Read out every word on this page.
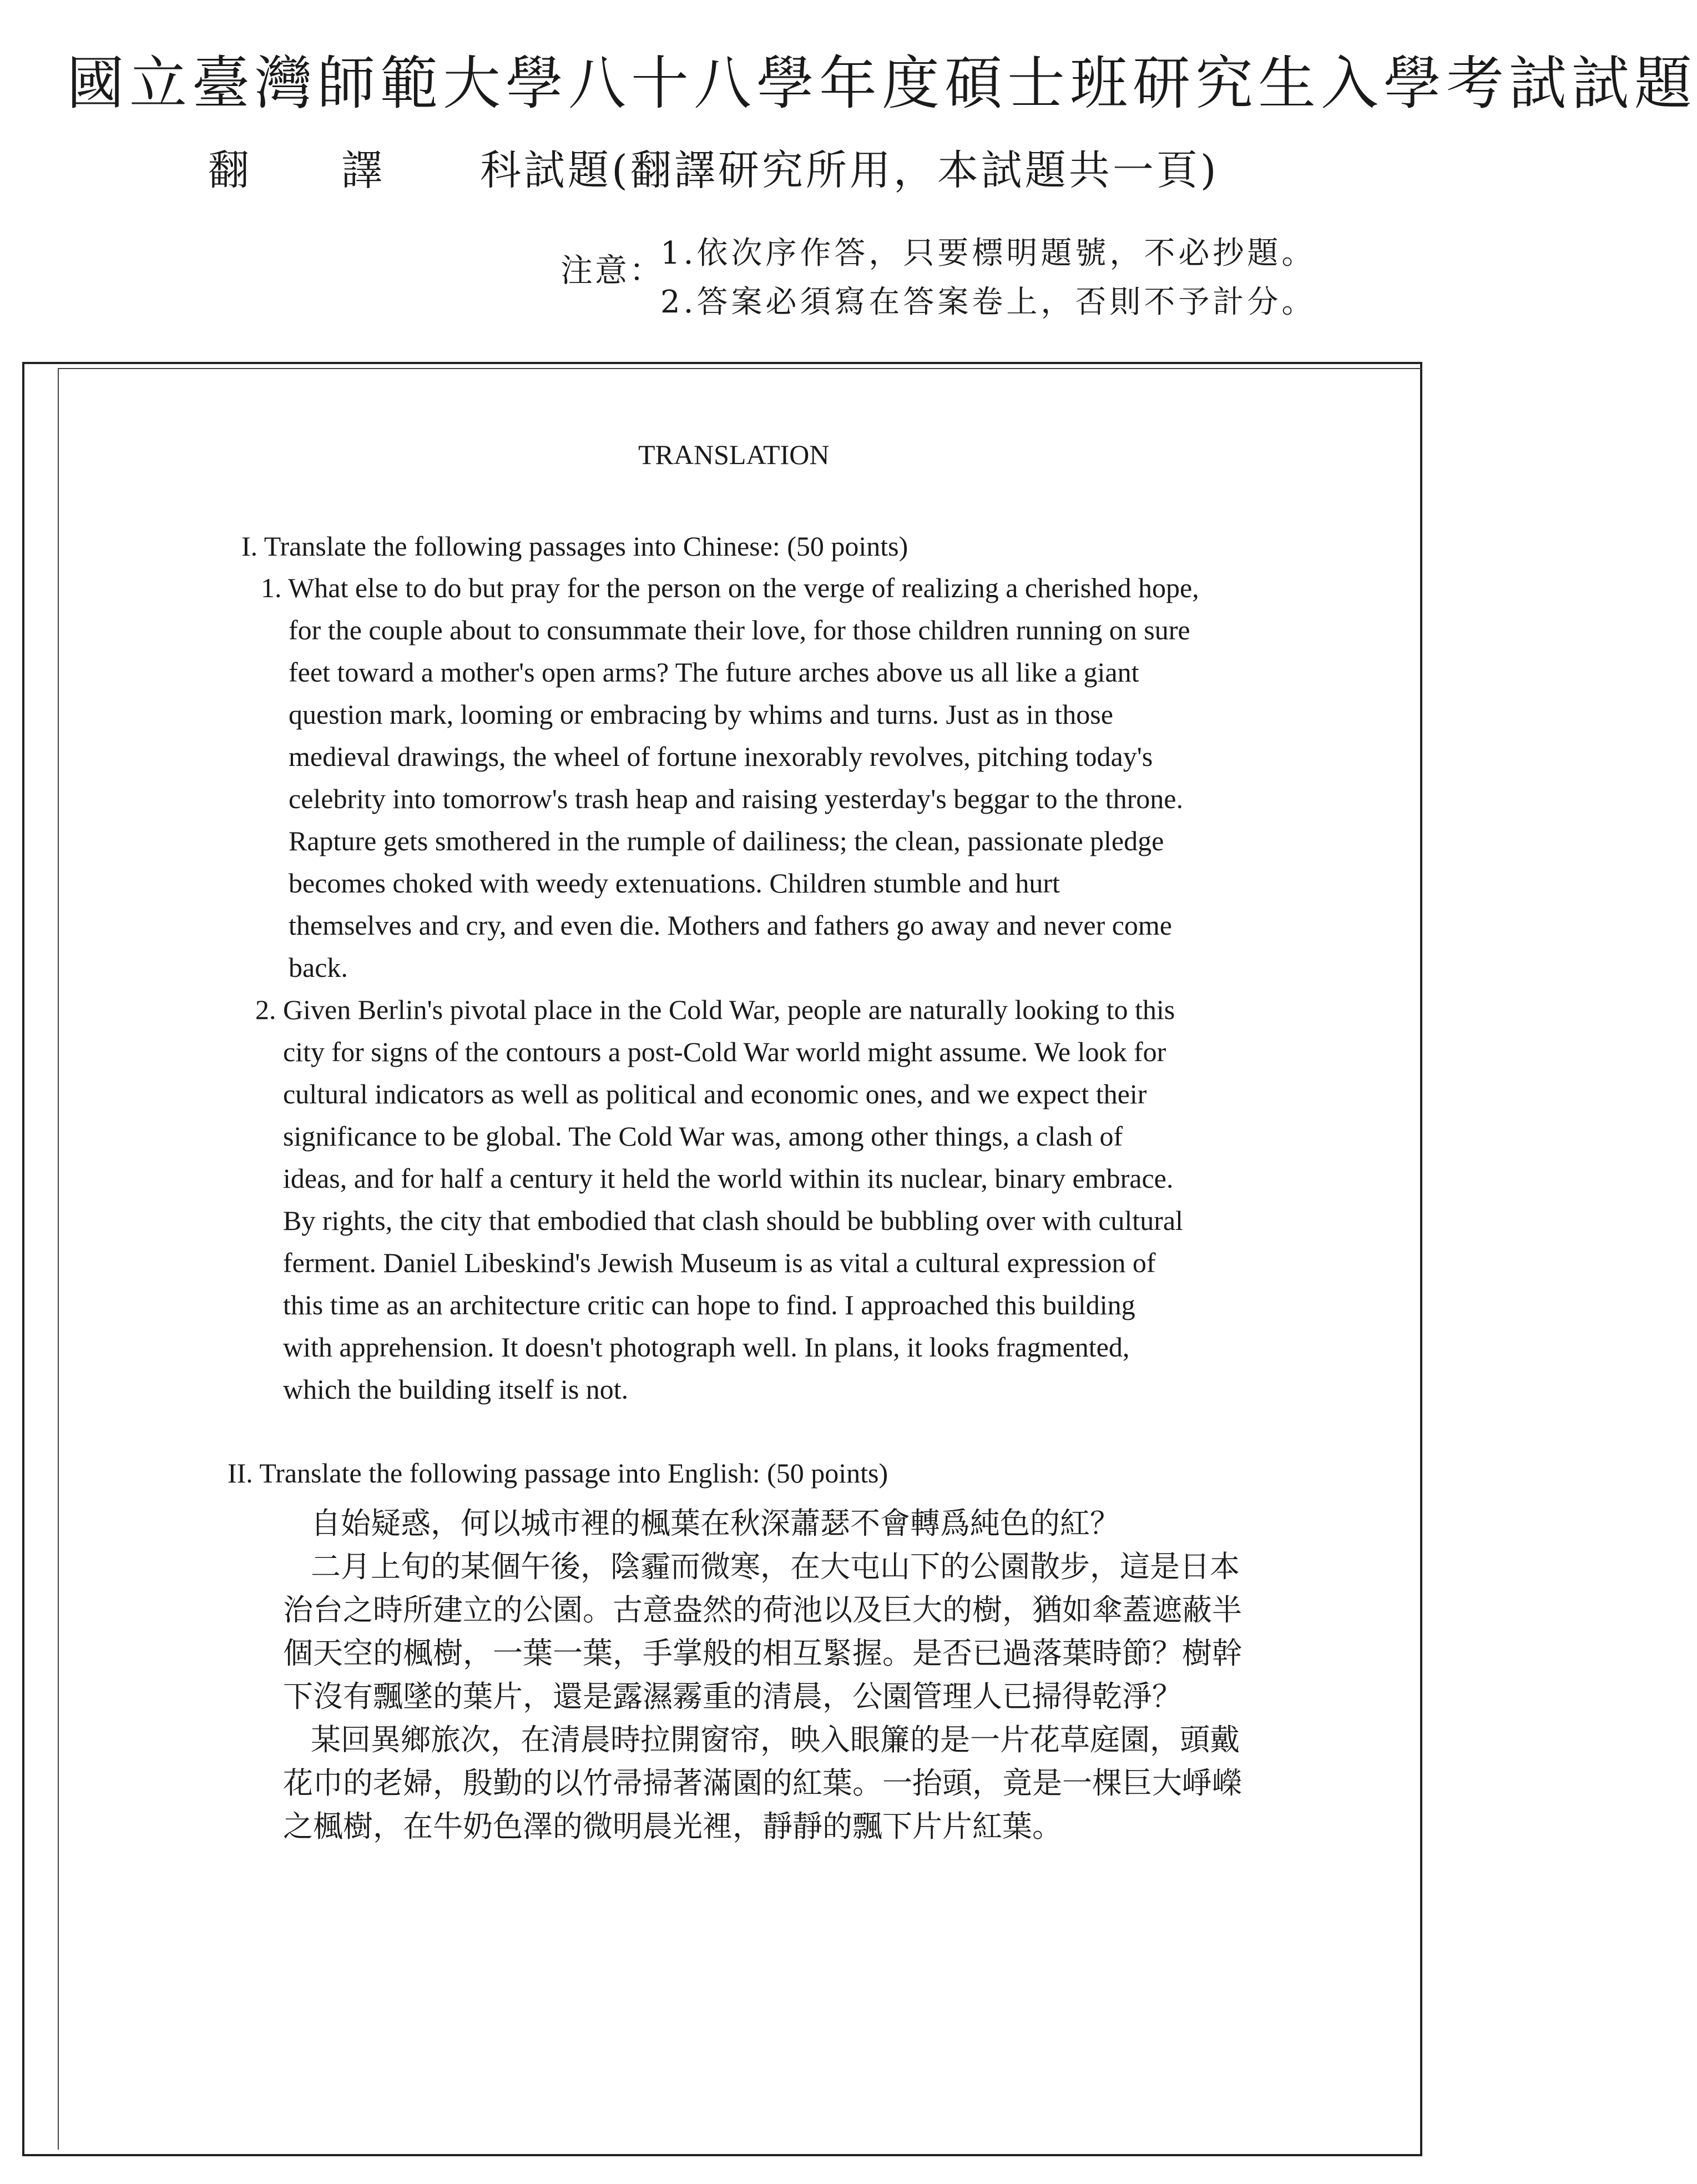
國立臺灣師範大學八十八學年度碩士班研究生入學考試試題
翻 譯 科試題(翻譯研究所用，本試題共一頁)
注意：
1.依次序作答，只要標明題號，不必抄題。
2.答案必須寫在答案卷上，否則不予計分。
TRANSLATION
I. Translate the following passages into Chinese: (50 points)
1. What else to do but pray for the person on the verge of realizing a cherished hope,
for the couple about to consummate their love, for those children running on sure
feet toward a mother's open arms? The future arches above us all like a giant
question mark, looming or embracing by whims and turns. Just as in those
medieval drawings, the wheel of fortune inexorably revolves, pitching today's
celebrity into tomorrow's trash heap and raising yesterday's beggar to the throne.
Rapture gets smothered in the rumple of dailiness; the clean, passionate pledge
becomes choked with weedy extenuations. Children stumble and hurt
themselves and cry, and even die. Mothers and fathers go away and never come
back.
2. Given Berlin's pivotal place in the Cold War, people are naturally looking to this
city for signs of the contours a post-Cold War world might assume. We look for
cultural indicators as well as political and economic ones, and we expect their
significance to be global. The Cold War was, among other things, a clash of
ideas, and for half a century it held the world within its nuclear, binary embrace.
By rights, the city that embodied that clash should be bubbling over with cultural
ferment. Daniel Libeskind's Jewish Museum is as vital a cultural expression of
this time as an architecture critic can hope to find. I approached this building
with apprehension. It doesn't photograph well. In plans, it looks fragmented,
which the building itself is not.
II. Translate the following passage into English: (50 points)
自始疑惑，何以城市裡的楓葉在秋深蕭瑟不會轉爲純色的紅？
二月上旬的某個午後，陰霾而微寒，在大屯山下的公園散步，這是日本
治台之時所建立的公園。古意盎然的荷池以及巨大的樹，猶如傘蓋遮蔽半
個天空的楓樹，一葉一葉，手掌般的相互緊握。是否已過落葉時節？樹幹
下沒有飄墜的葉片，還是露濕霧重的清晨，公園管理人已掃得乾淨？
某回異鄉旅次，在清晨時拉開窗帘，映入眼簾的是一片花草庭園，頭戴
花巾的老婦，殷勤的以竹帚掃著滿園的紅葉。一抬頭，竟是一棵巨大崢嶸
之楓樹，在牛奶色澤的微明晨光裡，靜靜的飄下片片紅葉。
